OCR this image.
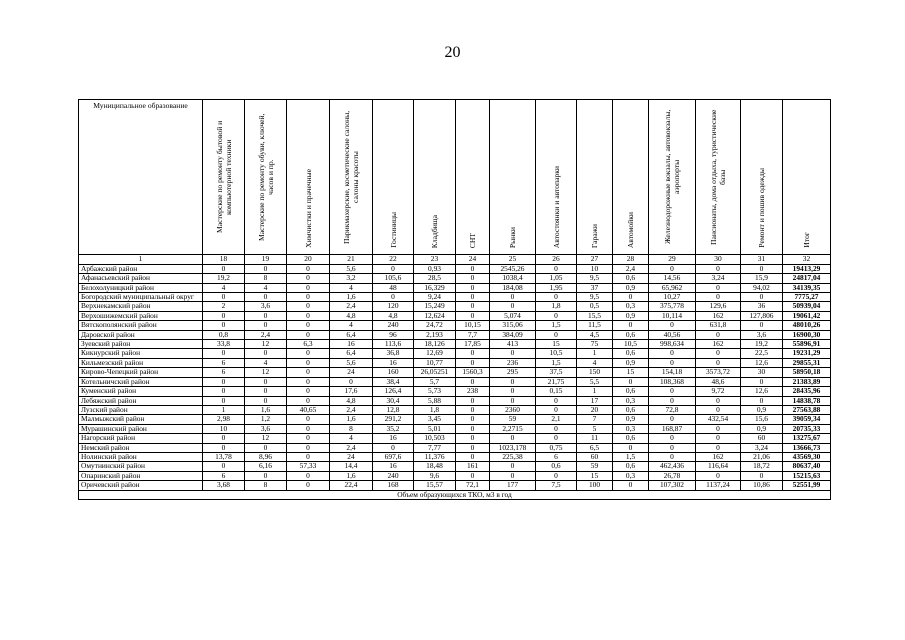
20
Муниципальное образование	Мастерские по ремонту бытовой и компьютерной техники	Мастерские по ремонту обуви, ключей, часов и пр.	Химчистки и прачечные	Парикмахерские, косметические салоны, салоны красоты	Гостиницы	Кладбища	СНТ	Рынки	Автостоянки и автопарки	Гаражи	Автомойки	Железнодорожные вокзалы, автовокзалы, аэропорты	Пансионаты, дома отдыха, туристические базы	Ремонт и пошив одежды	Итог
1	18	19	20	21	22	23	24	25	26	27	28	29	30	31	32
Арбажский район	0	0	0	5,6	0	0,93	0	2545,26	0	10	2,4	0	0	0	19413,29
Афанасьевский район	19,2	8	0	3,2	105,6	28,5	0	1038,4	1,05	9,5	0,6	14,56	3,24	15,9	24817,04
Белохолуницкий район	4	4	0	4	48	16,329	0	184,08	1,95	37	0,9	65,962	0	94,02	34139,35
Богородский муниципальный округ	0	0	0	1,6	0	9,24	0	0	0	9,5	0	10,27	0	0	7775,27
Верхнекамский район	2	3,6	0	2,4	120	15,249	0	0	1,8	0,5	0,3	375,778	129,6	36	50939,04
Верхошижемский район	0	0	0	4,8	4,8	12,624	0	5,074	0	15,5	0,9	10,114	162	127,806	19061,42
Вятскополянский район	0	0	0	4	240	24,72	10,15	315,06	1,5	11,5	0	0	631,8	0	48010,26
Даровской район	0,8	2,4	0	6,4	96	2,193	7,7	384,09	0	4,5	0,6	40,56	0	3,6	16900,30
Зуевский район	33,8	12	6,3	16	113,6	18,126	17,85	413	15	75	10,5	998,634	162	19,2	55896,91
Кикнурский район	0	0	0	6,4	36,8	12,69	0	0	10,5	1	0,6	0	0	22,5	19231,29
Кильмезский район	6	4	0	5,6	16	10,77	0	236	1,5	4	0,9	0	0	12,6	29855,31
Кирово-Чепецкий район	6	12	0	24	160	26,05251	1560,3	295	37,5	150	15	154,18	3573,72	30	58950,18
Котельничский район	0	0	0	0	38,4	5,7	0	0	21,75	5,5	0	108,368	48,6	0	21383,89
Куменский район	0	0	0	17,6	126,4	5,73	238	0	0,15	1	0,6	0	9,72	12,6	28435,96
Лебяжский район	0	0	0	4,8	30,4	5,88	0	0	0	17	0,3	0	0	0	14838,78
Лузский район	1	1,6	40,65	2,4	12,8	1,8	0	2360	0	20	0,6	72,8	0	0,9	27563,88
Малмыжский район	2,98	1,2	0	1,6	291,2	3,45	0	59	2,1	7	0,9	0	432,54	15,6	39059,34
Мурашинский район	10	3,6	0	8	35,2	5,01	0	2,2715	0	5	0,3	168,87	0	0,9	20735,33
Нагорский район	0	12	0	4	16	10,503	0	0	0	11	0,6	0	0	60	13275,67
Немский район	0	0	0	2,4	0	7,77	0	1023,178	0,75	6,5	0	0	0	3,24	13666,73
Нолинский район	13,78	8,96	0	24	697,6	11,376	0	225,38	6	60	1,5	0	162	21,06	43569,30
Омутнинский район	0	6,16	57,33	14,4	16	18,48	161	0	0,6	59	0,6	462,436	116,64	18,72	80637,40
Опаринский район	6	0	0	1,6	240	9,6	0	0	0	15	0,3	26,78	0	0	15215,63
Оричевский район	3,68	8	0	22,4	168	15,57	72,1	177	7,5	100	0	107,302	1137,24	10,86	52551,99
Объем образующихся ТКО, м3 в год															
